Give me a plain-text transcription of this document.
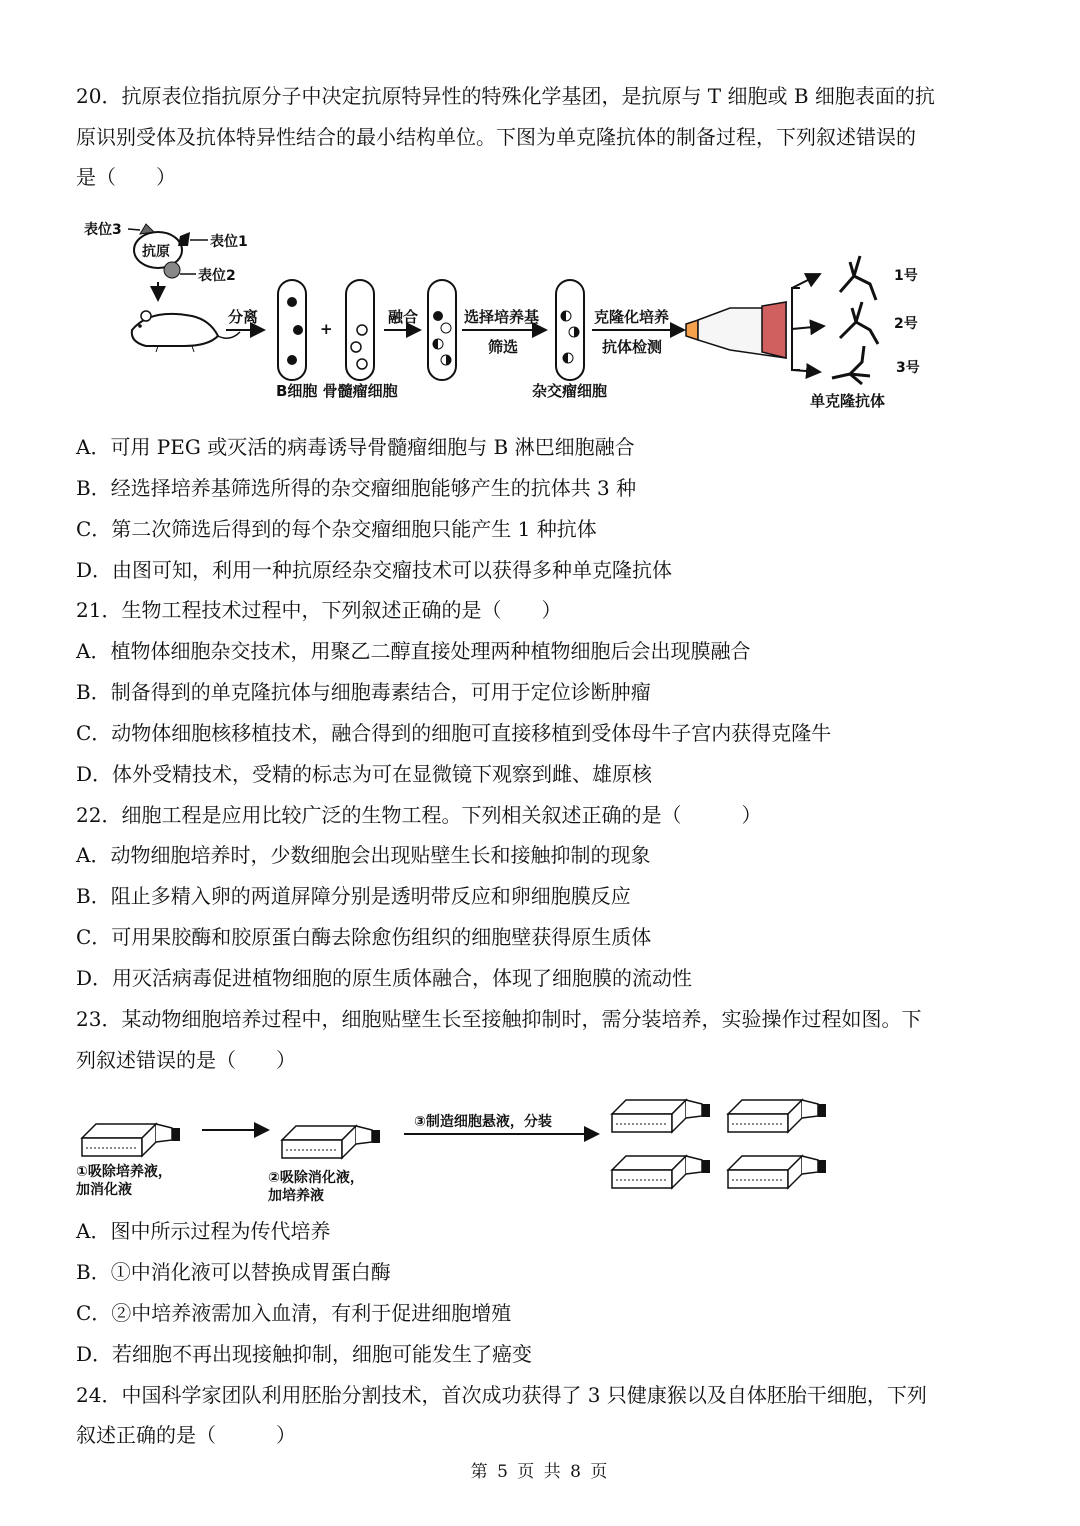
20．抗原表位指抗原分子中决定抗原特异性的特殊化学基团，是抗原与 T 细胞或 B 细胞表面的抗
原识别受体及抗体特异性结合的最小结构单位。下图为单克隆抗体的制备过程，下列叙述错误的
是（　　）
表位3
抗原
表位1
表位2
分离
+
B细胞 骨髓瘤细胞
融合	选择培养基
筛选
杂交瘤细胞
克隆化培养
抗体检测
1号
2号
3号
单克隆抗体
A．可用 PEG 或灭活的病毒诱导骨髓瘤细胞与 B 淋巴细胞融合
B．经选择培养基筛选所得的杂交瘤细胞能够产生的抗体共 3 种
C．第二次筛选后得到的每个杂交瘤细胞只能产生 1 种抗体
D．由图可知，利用一种抗原经杂交瘤技术可以获得多种单克隆抗体
21．生物工程技术过程中，下列叙述正确的是（　　）
A．植物体细胞杂交技术，用聚乙二醇直接处理两种植物细胞后会出现膜融合
B．制备得到的单克隆抗体与细胞毒素结合，可用于定位诊断肿瘤
C．动物体细胞核移植技术，融合得到的细胞可直接移植到受体母牛子宫内获得克隆牛
D．体外受精技术，受精的标志为可在显微镜下观察到雌、雄原核
22．细胞工程是应用比较广泛的生物工程。下列相关叙述正确的是（　　　）
A．动物细胞培养时，少数细胞会出现贴壁生长和接触抑制的现象
B．阻止多精入卵的两道屏障分别是透明带反应和卵细胞膜反应
C．可用果胶酶和胶原蛋白酶去除愈伤组织的细胞壁获得原生质体
D．用灭活病毒促进植物细胞的原生质体融合，体现了细胞膜的流动性
23．某动物细胞培养过程中，细胞贴壁生长至接触抑制时，需分装培养，实验操作过程如图。下
列叙述错误的是（　　）
③制造细胞悬液，分装
①吸除培养液，
加消化液
②吸除消化液，
加培养液
A．图中所示过程为传代培养
B．①中消化液可以替换成胃蛋白酶
C．②中培养液需加入血清，有利于促进细胞增殖
D．若细胞不再出现接触抑制，细胞可能发生了癌变
24．中国科学家团队利用胚胎分割技术，首次成功获得了 3 只健康猴以及自体胚胎干细胞，下列
叙述正确的是（　　　）
第 5 页 共 8 页
